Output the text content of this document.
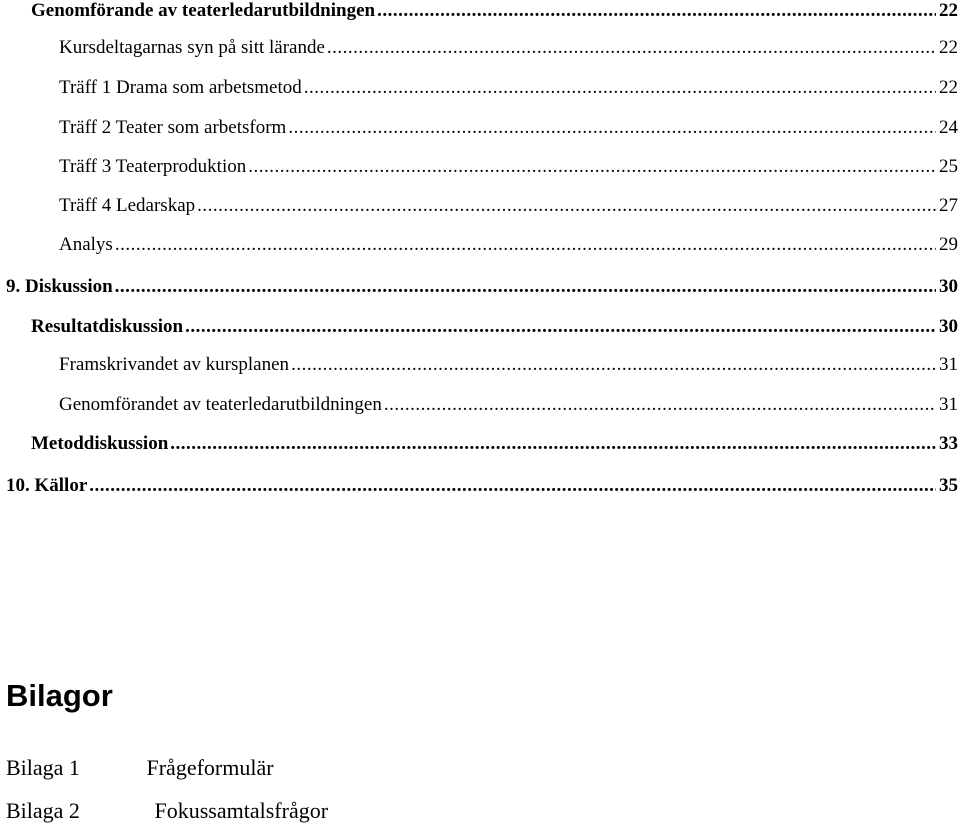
Genomförande av teaterledarutbildningen .....	22
Kursdeltagarnas syn på sitt lärande .....	22
Träff 1 Drama som arbetsmetod .....	22
Träff 2 Teater som arbetsform .....	24
Träff 3 Teaterproduktion .....	25
Träff 4 Ledarskap .....	27
Analys .....	29
9. Diskussion .....	30
Resultatdiskussion .....	30
Framskrivandet av kursplanen .....	31
Genomförandet av teaterledarutbildningen .....	31
Metoddiskussion .....	33
10. Källor .....	35
Bilagor
Bilaga 1	Frågeformulär
Bilaga 2	Fokussamtalsfrågor
